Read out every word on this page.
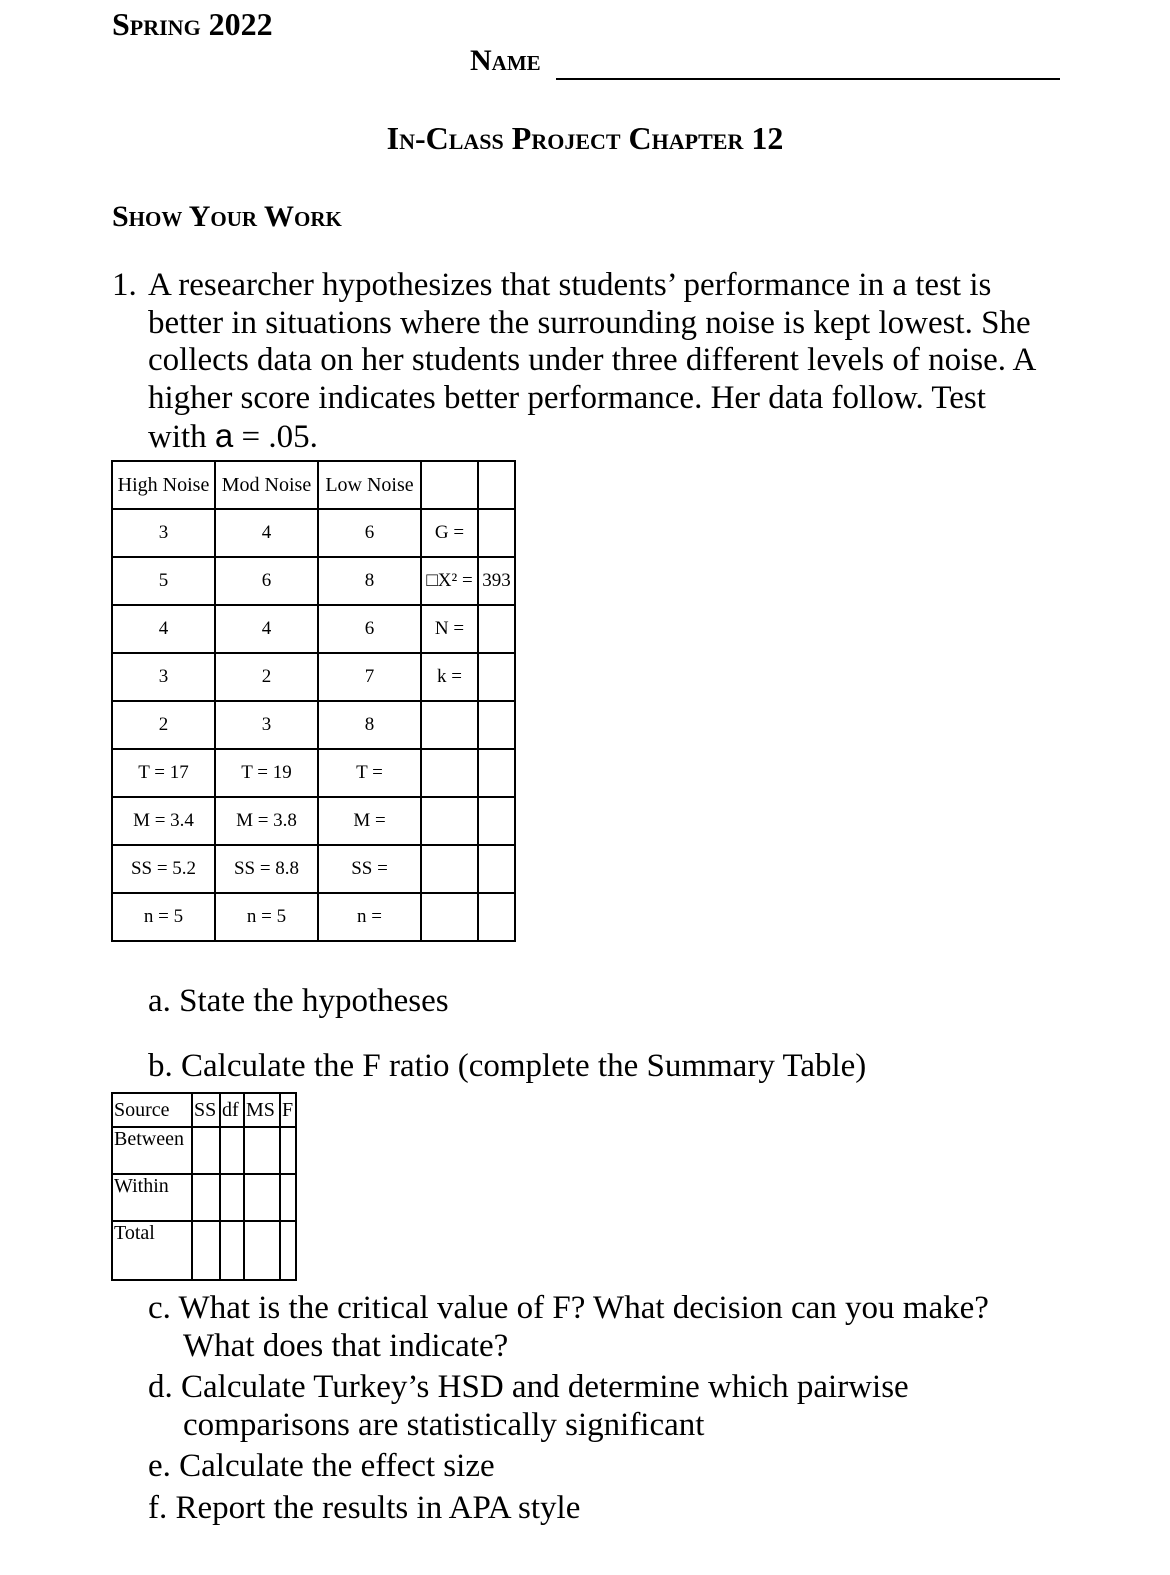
Spring 2022
Name
In-Class Project Chapter 12
Show Your Work
1. A researcher hypothesizes that students’ performance in a test is
better in situations where the surrounding noise is kept lowest. She
collects data on her students under three different levels of noise. A
higher score indicates better performance. Her data follow. Test
with a = .05.
High Noise	Mod Noise	Low Noise		
3	4	6	G =	
5	6	8	□X² =	393
4	4	6	N =	
3	2	7	k =	
2	3	8		
T = 17	T = 19	T =		
M = 3.4	M = 3.8	M =		
SS = 5.2	SS = 8.8	SS =		
n = 5	n = 5	n =		
a. State the hypotheses
b. Calculate the F ratio (complete the Summary Table)
Source	SS	df	MS	F
Between				
Within				
Total				
c. What is the critical value of F? What decision can you make?
What does that indicate?
d. Calculate Turkey’s HSD and determine which pairwise
comparisons are statistically significant
e. Calculate the effect size
f. Report the results in APA style
